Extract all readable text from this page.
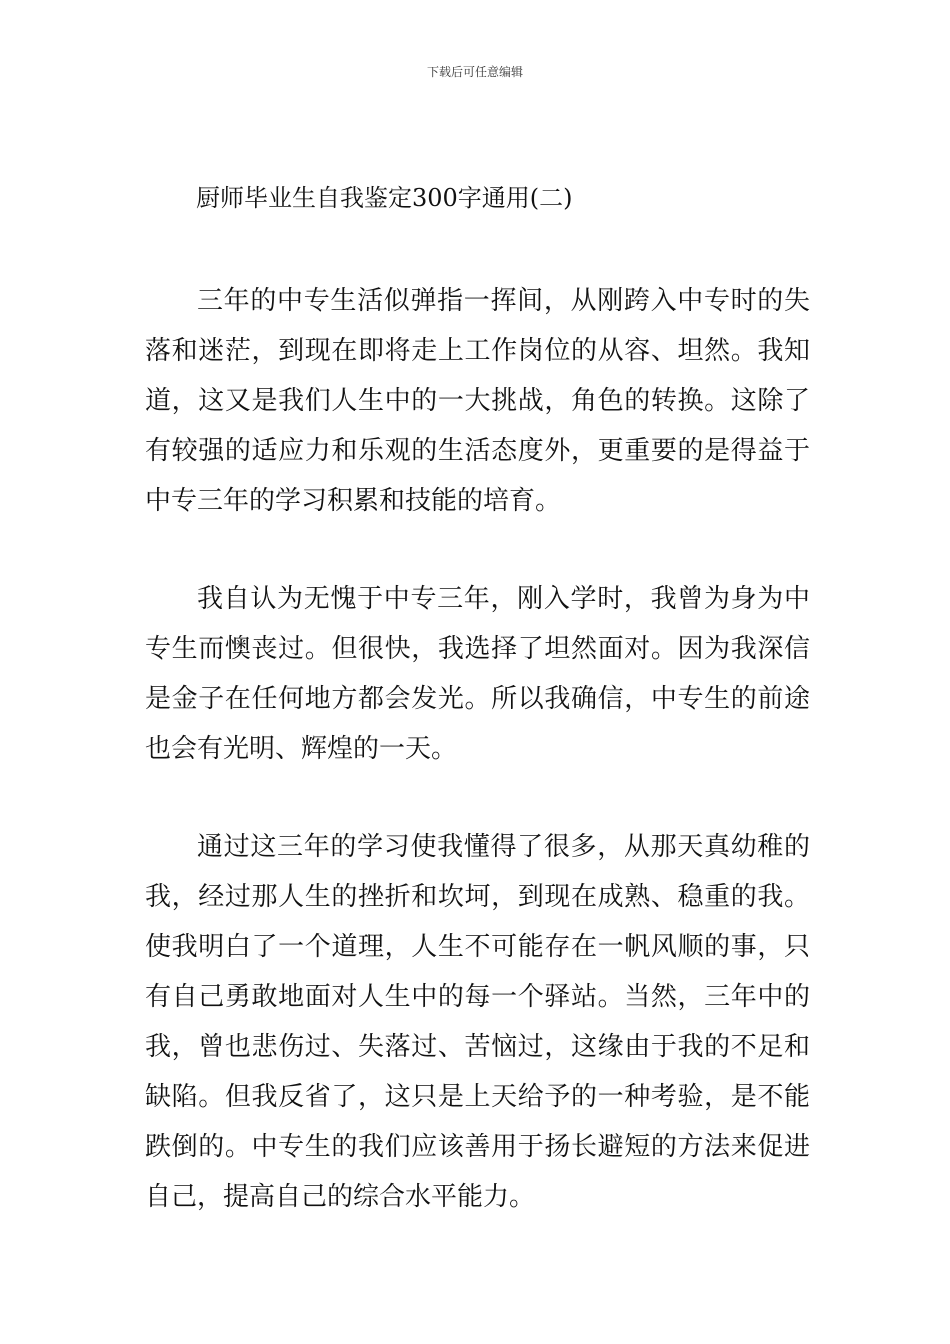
下载后可任意编辑
厨师毕业生自我鉴定300字通用(二)

三年的中专生活似弹指一挥间，从刚跨入中专时的失落和迷茫，到现在即将走上工作岗位的从容、坦然。我知道，这又是我们人生中的一大挑战，角色的转换。这除了有较强的适应力和乐观的生活态度外，更重要的是得益于中专三年的学习积累和技能的培育。

我自认为无愧于中专三年，刚入学时，我曾为身为中专生而懊丧过。但很快，我选择了坦然面对。因为我深信是金子在任何地方都会发光。所以我确信，中专生的前途也会有光明、辉煌的一天。

通过这三年的学习使我懂得了很多，从那天真幼稚的我，经过那人生的挫折和坎坷，到现在成熟、稳重的我。使我明白了一个道理，人生不可能存在一帆风顺的事，只有自己勇敢地面对人生中的每一个驿站。当然，三年中的我，曾也悲伤过、失落过、苦恼过，这缘由于我的不足和缺陷。但我反省了，这只是上天给予的一种考验，是不能跌倒的。中专生的我们应该善用于扬长避短的方法来促进自己，提高自己的综合水平能力。
